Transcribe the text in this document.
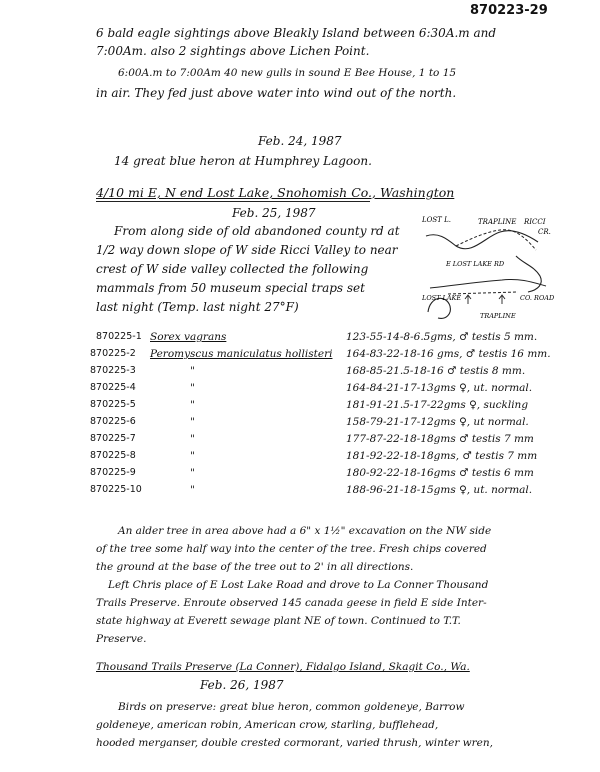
870223-29
6 bald eagle sightings above Bleakly Island between 6:30A.m and
7:00Am. also 2 sightings above Lichen Point.
6:00A.m to 7:00Am 40 new gulls in sound E Bee House, 1 to 15
in air. They fed just above water into wind out of the north.
Feb. 24, 1987
14 great blue heron at Humphrey Lagoon.
4/10 mi E, N end Lost Lake, Snohomish Co., Washington
Feb. 25, 1987
From along side of old abandoned county rd at
1/2 way down slope of W side Ricci Valley to near
crest of W side valley collected the following
mammals from 50 museum special traps set
last night (Temp. last night 27°F)
LOST L.	TRAPLINE RICCI
CR.
E LOST LAKE RD
LOST LAKE	CO. ROAD
TRAPLINE
870225-1 Sorex vagrans	123-55-14-8-6.5gms, ♂ testis 5 mm.
870225-2 Peromyscus maniculatus hollisteri 164-83-22-18-16 gms, ♂ testis 16 mm.
870225-3	"	168-85-21.5-18-16 ♂ testis 8 mm.
870225-4	"	164-84-21-17-13gms ♀, ut. normal.
870225-5	"	181-91-21.5-17-22gms ♀, suckling
870225-6	"	158-79-21-17-12gms ♀, ut normal.
870225-7	"	177-87-22-18-18gms ♂ testis 7 mm
870225-8	"	181-92-22-18-18gms, ♂ testis 7 mm
870225-9	"	180-92-22-18-16gms ♂ testis 6 mm
870225-10	"	188-96-21-18-15gms ♀, ut. normal.
An alder tree in area above had a 6" x 1½" excavation on the NW side
of the tree some half way into the center of the tree. Fresh chips covered
the ground at the base of the tree out to 2' in all directions.
Left Chris place of E Lost Lake Road and drove to La Conner Thousand
Trails Preserve. Enroute observed 145 canada geese in field E side Inter-
state highway at Everett sewage plant NE of town. Continued to T.T.
Preserve.
Thousand Trails Preserve (La Conner), Fidalgo Island, Skagit Co., Wa.
Feb. 26, 1987
Birds on preserve: great blue heron, common goldeneye, Barrow
goldeneye, american robin, American crow, starling, bufflehead,
hooded merganser, double crested cormorant, varied thrush, winter wren,
